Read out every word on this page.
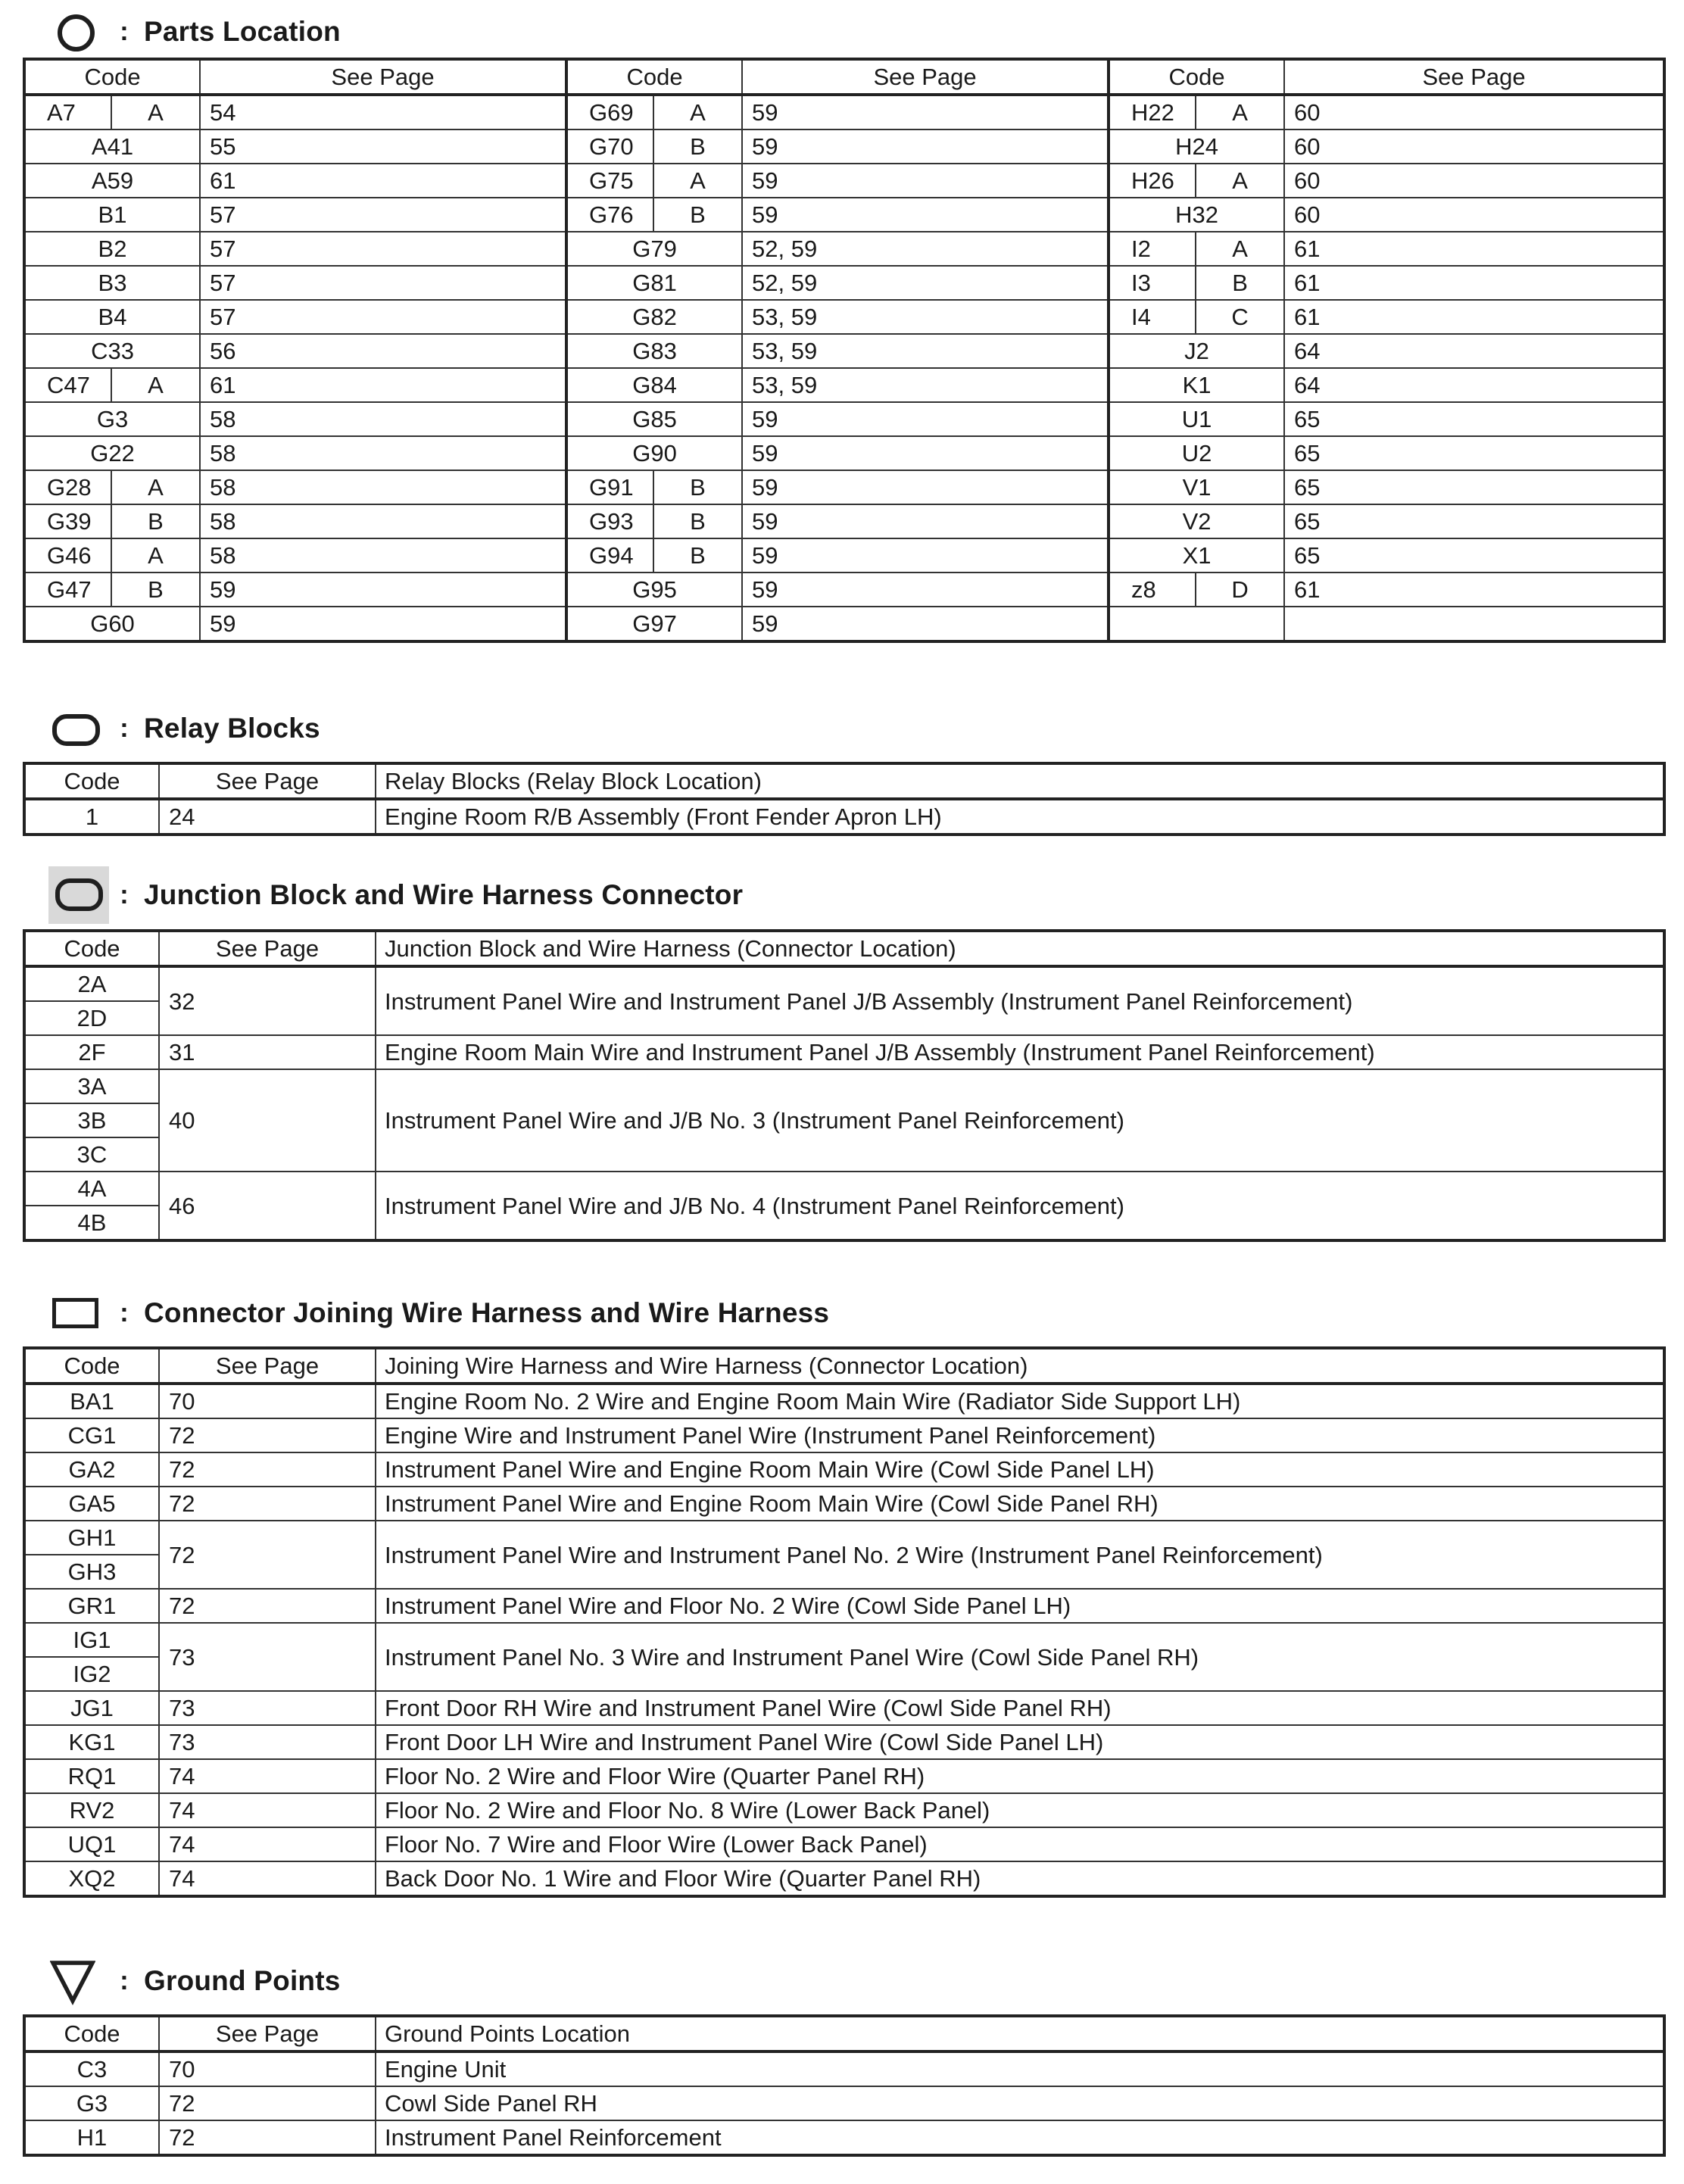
: Parts Location
Code		See Page	Code		See Page	Code		See Page
A7	A	54	G69	A	59	H22	A	60
A41		55	G70	B	59	H24		60
A59		61	G75	A	59	H26	A	60
B1		57	G76	B	59	H32		60
B2		57	G79		52, 59	I2	A	61
B3		57	G81		52, 59	I3	B	61
B4		57	G82		53, 59	I4	C	61
C33		56	G83		53, 59	J2		64
C47	A	61	G84		53, 59	K1		64
G3		58	G85		59	U1		65
G22		58	G90		59	U2		65
G28	A	58	G91	B	59	V1		65
G39	B	58	G93	B	59	V2		65
G46	A	58	G94	B	59	X1		65
G47	B	59	G95		59	z8	D	61
G60		59	G97		59			
: Relay Blocks
Code	See Page	Relay Blocks (Relay Block Location)
1	24	Engine Room R/B Assembly (Front Fender Apron LH)
: Junction Block and Wire Harness Connector
Code	See Page	Junction Block and Wire Harness (Connector Location)
2A	32	Instrument Panel Wire and Instrument Panel J/B Assembly (Instrument Panel Reinforcement)
2D		
2F	31	Engine Room Main Wire and Instrument Panel J/B Assembly (Instrument Panel Reinforcement)
3A	40	Instrument Panel Wire and J/B No. 3 (Instrument Panel Reinforcement)
3B		
3C		
4A	46	Instrument Panel Wire and J/B No. 4 (Instrument Panel Reinforcement)
4B		
: Connector Joining Wire Harness and Wire Harness
Code	See Page	Joining Wire Harness and Wire Harness (Connector Location)
BA1	70	Engine Room No. 2 Wire and Engine Room Main Wire (Radiator Side Support LH)
CG1	72	Engine Wire and Instrument Panel Wire (Instrument Panel Reinforcement)
GA2	72	Instrument Panel Wire and Engine Room Main Wire (Cowl Side Panel LH)
GA5	72	Instrument Panel Wire and Engine Room Main Wire (Cowl Side Panel RH)
GH1	72	Instrument Panel Wire and Instrument Panel No. 2 Wire (Instrument Panel Reinforcement)
GH3		
GR1	72	Instrument Panel Wire and Floor No. 2 Wire (Cowl Side Panel LH)
IG1	73	Instrument Panel No. 3 Wire and Instrument Panel Wire (Cowl Side Panel RH)
IG2		
JG1	73	Front Door RH Wire and Instrument Panel Wire (Cowl Side Panel RH)
KG1	73	Front Door LH Wire and Instrument Panel Wire (Cowl Side Panel LH)
RQ1	74	Floor No. 2 Wire and Floor Wire (Quarter Panel RH)
RV2	74	Floor No. 2 Wire and Floor No. 8 Wire (Lower Back Panel)
UQ1	74	Floor No. 7 Wire and Floor Wire (Lower Back Panel)
XQ2	74	Back Door No. 1 Wire and Floor Wire (Quarter Panel RH)
: Ground Points
Code	See Page	Ground Points Location
C3	70	Engine Unit
G3	72	Cowl Side Panel RH
H1	72	Instrument Panel Reinforcement
